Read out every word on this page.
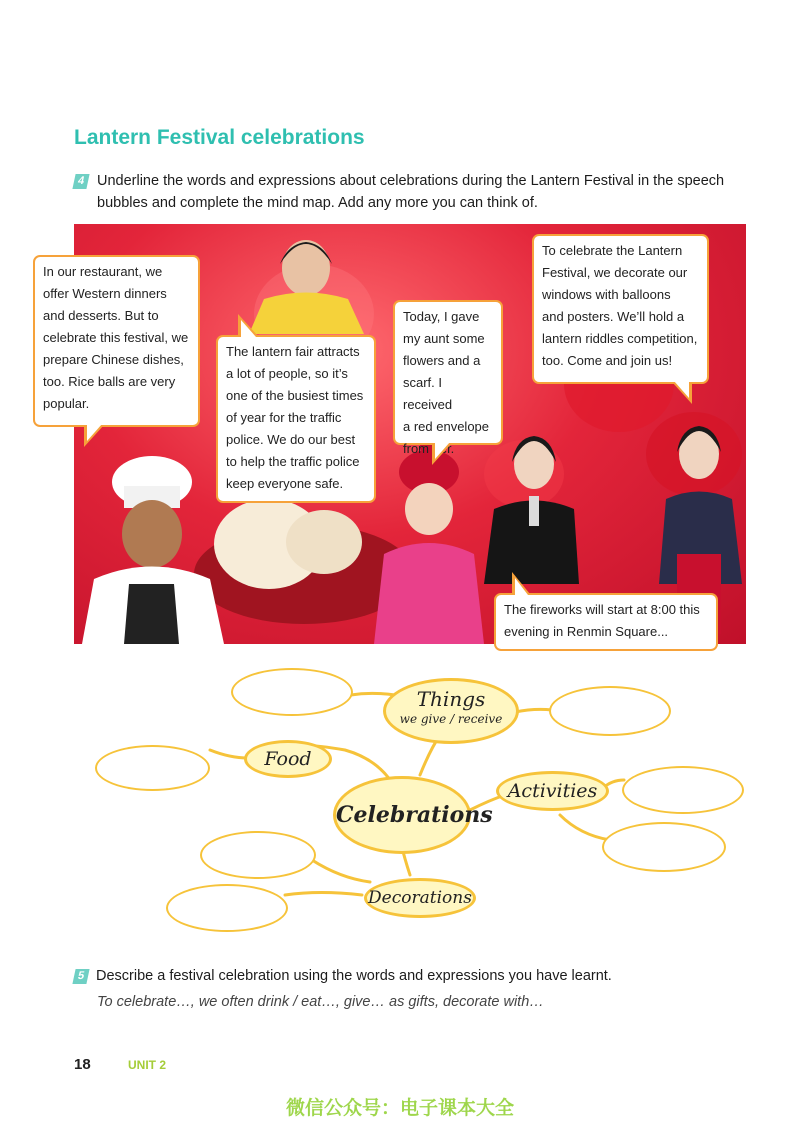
Lantern Festival celebrations
4 Underline the words and expressions about celebrations during the Lantern Festival in the speech
bubbles and complete the mind map. Add any more you can think of.
In our restaurant, we
offer Western dinners
and desserts. But to
celebrate this festival, we
prepare Chinese dishes,
too. Rice balls are very
popular.
The lantern fair attracts
a lot of people, so it’s
one of the busiest times
of year for the traffic
police. We do our best
to help the traffic police
keep everyone safe.
Today, I gave
my aunt some
flowers and a
scarf. I received
a red envelope
from her.
To celebrate the Lantern
Festival, we decorate our
windows with balloons
and posters. We’ll hold a
lantern riddles competition,
too. Come and join us!
The fireworks will start at 8:00 this
evening in Renmin Square...
Things
we give / receive
Food
Celebrations
Activities
Decorations
5 Describe a festival celebration using the words and expressions you have learnt.
To celebrate…, we often drink / eat…, give… as gifts, decorate with…
18	UNIT 2
微信公众号：电子课本大全
